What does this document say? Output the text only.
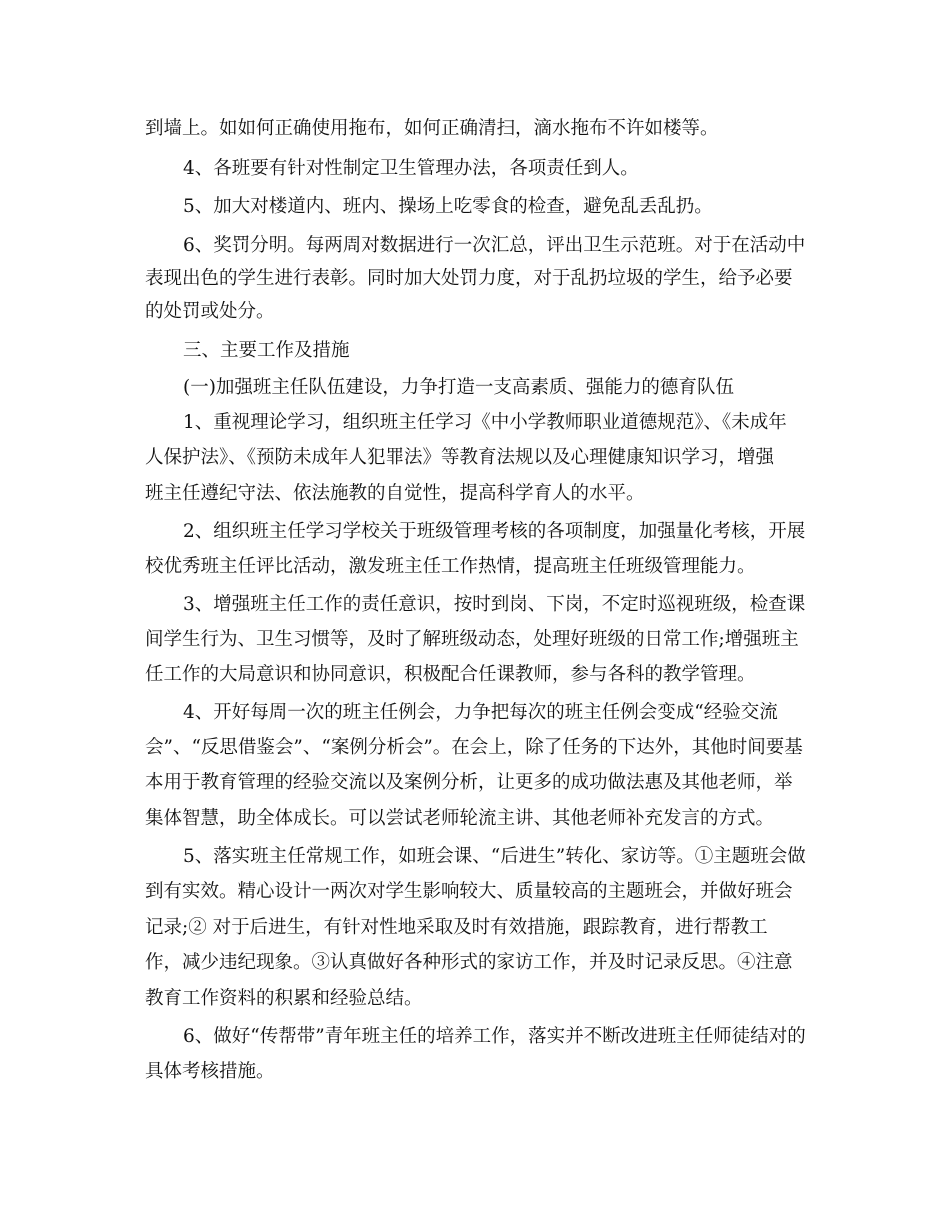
到墙上。如如何正确使用拖布，如何正确清扫，滴水拖布不许如楼等。

4、各班要有针对性制定卫生管理办法，各项责任到人。

5、加大对楼道内、班内、操场上吃零食的检查，避免乱丢乱扔。

6、奖罚分明。每两周对数据进行一次汇总，评出卫生示范班。对于在活动中

表现出色的学生进行表彰。同时加大处罚力度，对于乱扔垃圾的学生，给予必要

的处罚或处分。

三、主要工作及措施

(一)加强班主任队伍建设，力争打造一支高素质、强能力的德育队伍

1、重视理论学习，组织班主任学习《中小学教师职业道德规范》、《未成年

人保护法》、《预防未成年人犯罪法》等教育法规以及心理健康知识学习，增强

班主任遵纪守法、依法施教的自觉性，提高科学育人的水平。

2、组织班主任学习学校关于班级管理考核的各项制度，加强量化考核，开展

校优秀班主任评比活动，激发班主任工作热情，提高班主任班级管理能力。

3、增强班主任工作的责任意识，按时到岗、下岗，不定时巡视班级，检查课

间学生行为、卫生习惯等，及时了解班级动态，处理好班级的日常工作;增强班主

任工作的大局意识和协同意识，积极配合任课教师，参与各科的教学管理。

4、开好每周一次的班主任例会，力争把每次的班主任例会变成“经验交流

会”、“反思借鉴会”、“案例分析会”。在会上，除了任务的下达外，其他时间要基

本用于教育管理的经验交流以及案例分析，让更多的成功做法惠及其他老师，举

集体智慧，助全体成长。可以尝试老师轮流主讲、其他老师补充发言的方式。

5、落实班主任常规工作，如班会课、“后进生”转化、家访等。①主题班会做

到有实效。精心设计一两次对学生影响较大、质量较高的主题班会，并做好班会

记录;② 对于后进生，有针对性地采取及时有效措施，跟踪教育，进行帮教工

作，减少违纪现象。③认真做好各种形式的家访工作，并及时记录反思。④注意

教育工作资料的积累和经验总结。

6、做好“传帮带”青年班主任的培养工作，落实并不断改进班主任师徒结对的

具体考核措施。
